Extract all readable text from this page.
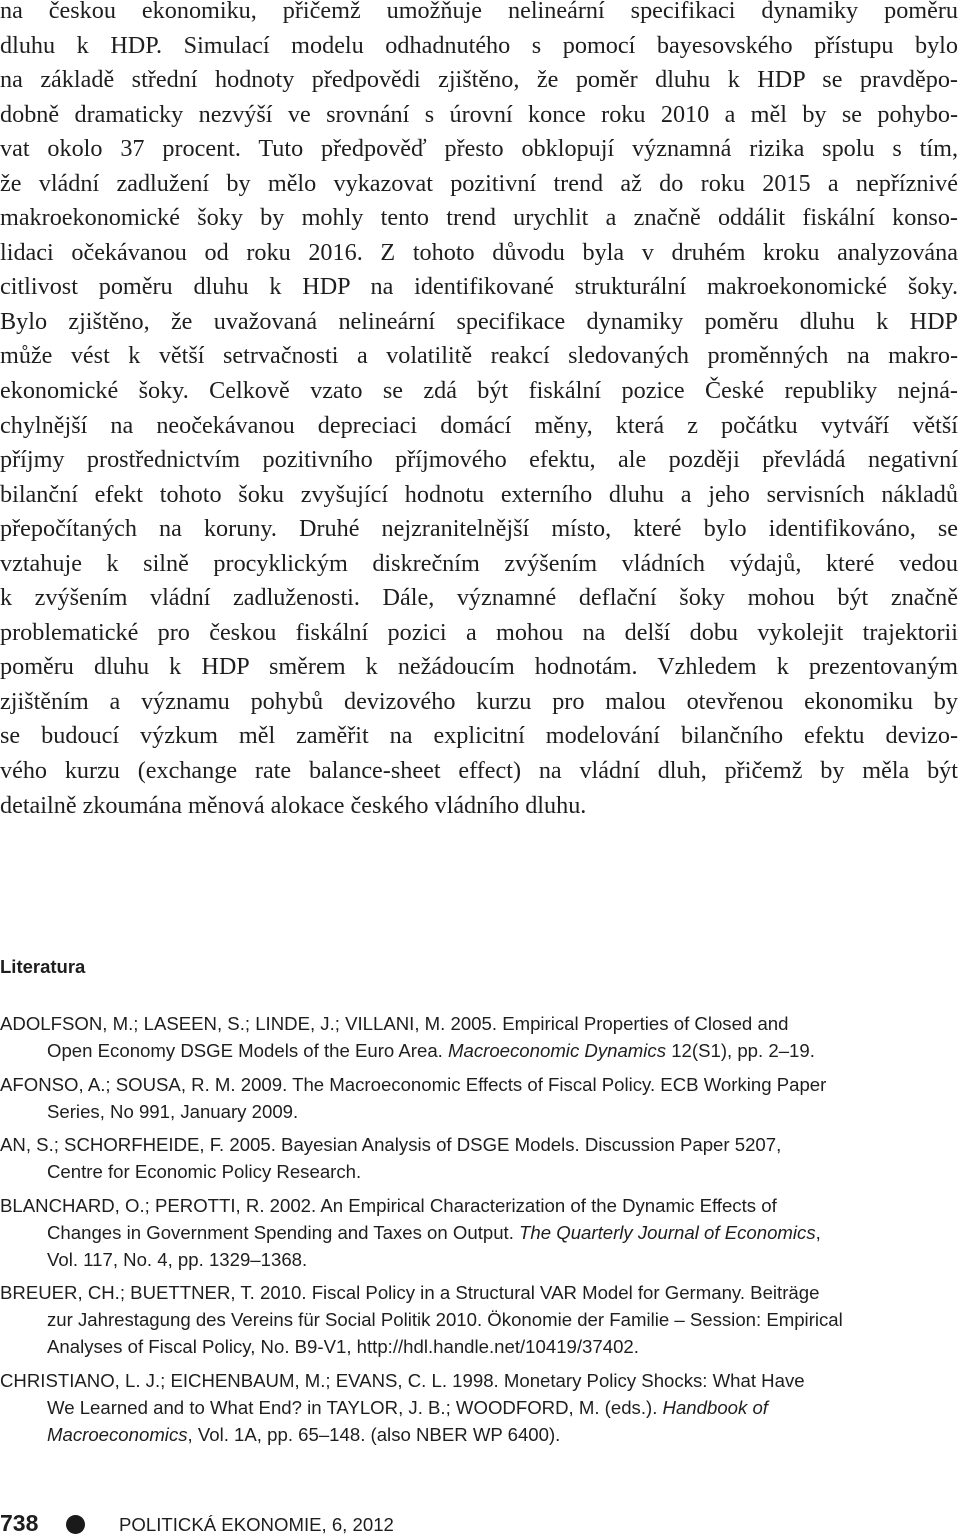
na českou ekonomiku, přičemž umožňuje nelineární specifikaci dynamiky poměru
dluhu k HDP. Simulací modelu odhadnutého s pomocí bayesovského přístupu bylo
na základě střední hodnoty předpovědi zjištěno, že poměr dluhu k HDP se pravděpo-
dobně dramaticky nezvýší ve srovnání s úrovní konce roku 2010 a měl by se pohybo-
vat okolo 37 procent. Tuto předpověď přesto obklopují významná rizika spolu s tím,
že vládní zadlužení by mělo vykazovat pozitivní trend až do roku 2015 a nepříznivé
makroekonomické šoky by mohly tento trend urychlit a značně oddálit fiskální konso-
lidaci očekávanou od roku 2016. Z tohoto důvodu byla v druhém kroku analyzována
citlivost poměru dluhu k HDP na identifikované strukturální makroekonomické šoky.
Bylo zjištěno, že uvažovaná nelineární specifikace dynamiky poměru dluhu k HDP
může vést k větší setrvačnosti a volatilitě reakcí sledovaných proměnných na makro-
ekonomické šoky. Celkově vzato se zdá být fiskální pozice České republiky nejná-
chylnější na neočekávanou depreciaci domácí měny, která z počátku vytváří větší
příjmy prostřednictvím pozitivního příjmového efektu, ale později převládá negativní
bilanční efekt tohoto šoku zvyšující hodnotu externího dluhu a jeho servisních nákladů
přepočítaných na koruny. Druhé nejzranitelnější místo, které bylo identifikováno, se
vztahuje k silně procyklickým diskrečním zvýšením vládních výdajů, které vedou
k zvýšením vládní zadluženosti. Dále, významné deflační šoky mohou být značně
problematické pro českou fiskální pozici a mohou na delší dobu vykolejit trajektorii
poměru dluhu k HDP směrem k nežádoucím hodnotám. Vzhledem k prezentovaným
zjištěním a významu pohybů devizového kurzu pro malou otevřenou ekonomiku by
se budoucí výzkum měl zaměřit na explicitní modelování bilančního efektu devizo-
vého kurzu (exchange rate balance-sheet effect) na vládní dluh, přičemž by měla být
detailně zkoumána měnová alokace českého vládního dluhu.
Literatura
ADOLFSON, M.; LASEEN, S.; LINDE, J.; VILLANI, M. 2005. Empirical Properties of Closed and
Open Economy DSGE Models of the Euro Area. Macroeconomic Dynamics 12(S1), pp. 2–19.
AFONSO, A.; SOUSA, R. M. 2009. The Macroeconomic Effects of Fiscal Policy. ECB Working Paper
Series, No 991, January 2009.
AN, S.; SCHORFHEIDE, F. 2005. Bayesian Analysis of DSGE Models. Discussion Paper 5207,
Centre for Economic Policy Research.
BLANCHARD, O.; PEROTTI, R. 2002. An Empirical Characterization of the Dynamic Effects of
Changes in Government Spending and Taxes on Output. The Quarterly Journal of Economics,
Vol. 117, No. 4, pp. 1329–1368.
BREUER, CH.; BUETTNER, T. 2010. Fiscal Policy in a Structural VAR Model for Germany. Beiträge
zur Jahrestagung des Vereins für Social Politik 2010. Ökonomie der Familie – Session: Empirical
Analyses of Fiscal Policy, No. B9-V1, http://hdl.handle.net/10419/37402.
CHRISTIANO, L. J.; EICHENBAUM, M.; EVANS, C. L. 1998. Monetary Policy Shocks: What Have
We Learned and to What End? in TAYLOR, J. B.; WOODFORD, M. (eds.). Handbook of
Macroeconomics, Vol. 1A, pp. 65–148. (also NBER WP 6400).
738	POLITICKÁ EKONOMIE, 6, 2012
